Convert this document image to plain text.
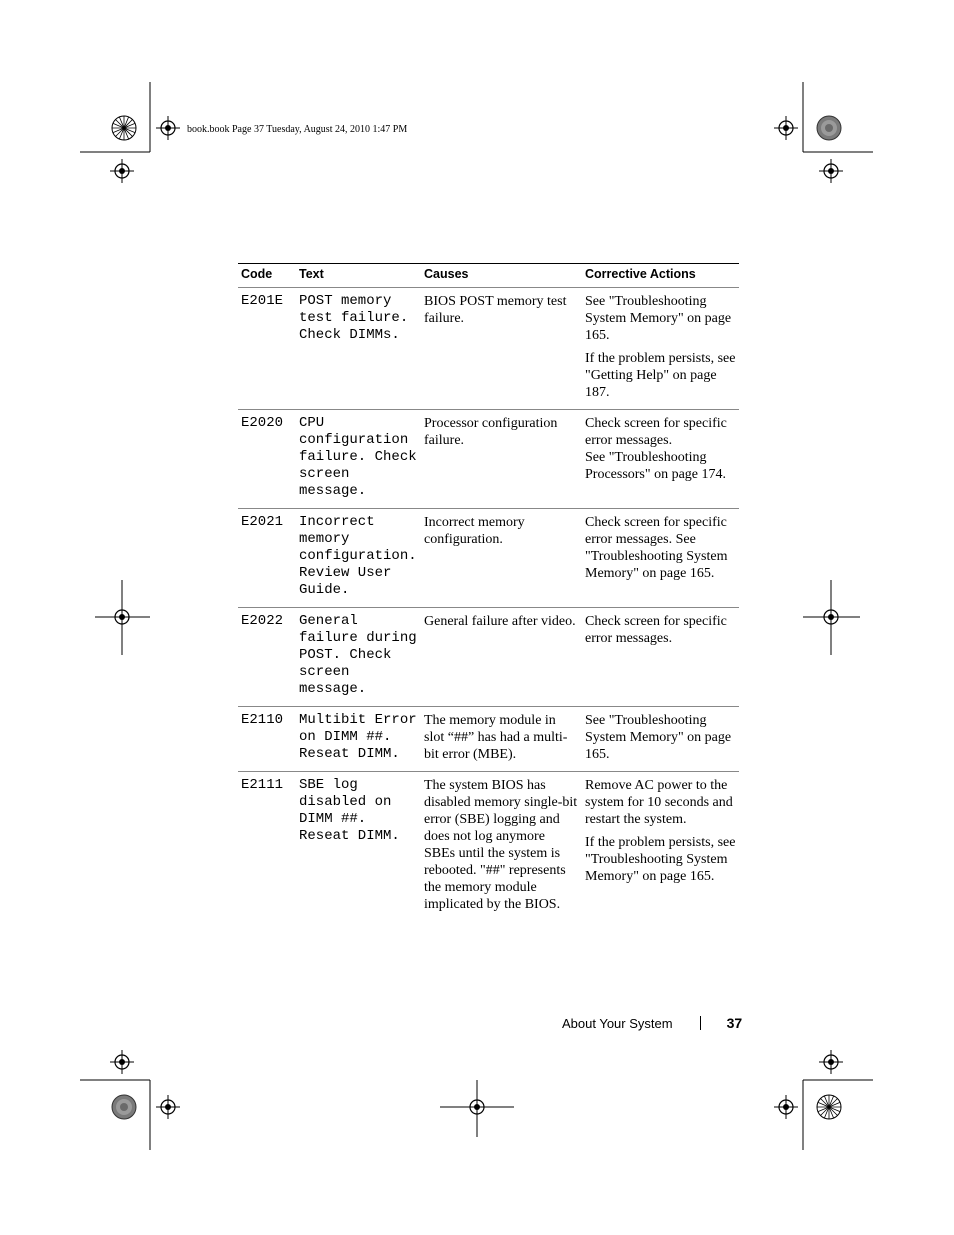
book.book Page 37 Tuesday, August 24, 2010 1:47 PM
Code	Text	Causes	Corrective Actions
E201E	POST memory test failure. Check DIMMs.	BIOS POST memory test failure.	See "Troubleshooting System Memory" on page 165.

If the problem persists, see "Getting Help" on page 187.

E2020	CPU configuration failure. Check screen message.	Processor configuration failure.	Check screen for specific error messages.
See "Troubleshooting Processors" on page 174.

E2021	Incorrect memory configuration. Review User Guide.	Incorrect memory configuration.	Check screen for specific error messages. See "Troubleshooting System Memory" on page 165.

E2022	General failure during POST. Check screen message.	General failure after video.	Check screen for specific error messages.

E2110	Multibit Error on DIMM ##. Reseat DIMM.	The memory module in slot “##” has had a multi-bit error (MBE).	See "Troubleshooting System Memory" on page 165.

E2111	SBE log disabled on DIMM ##. Reseat DIMM.	The system BIOS has disabled memory single-bit error (SBE) logging and does not log anymore SBEs until the system is rebooted. "##" represents the memory module implicated by the BIOS.	Remove AC power to the system for 10 seconds and restart the system.

If the problem persists, see "Troubleshooting System Memory" on page 165.

About Your System	37
